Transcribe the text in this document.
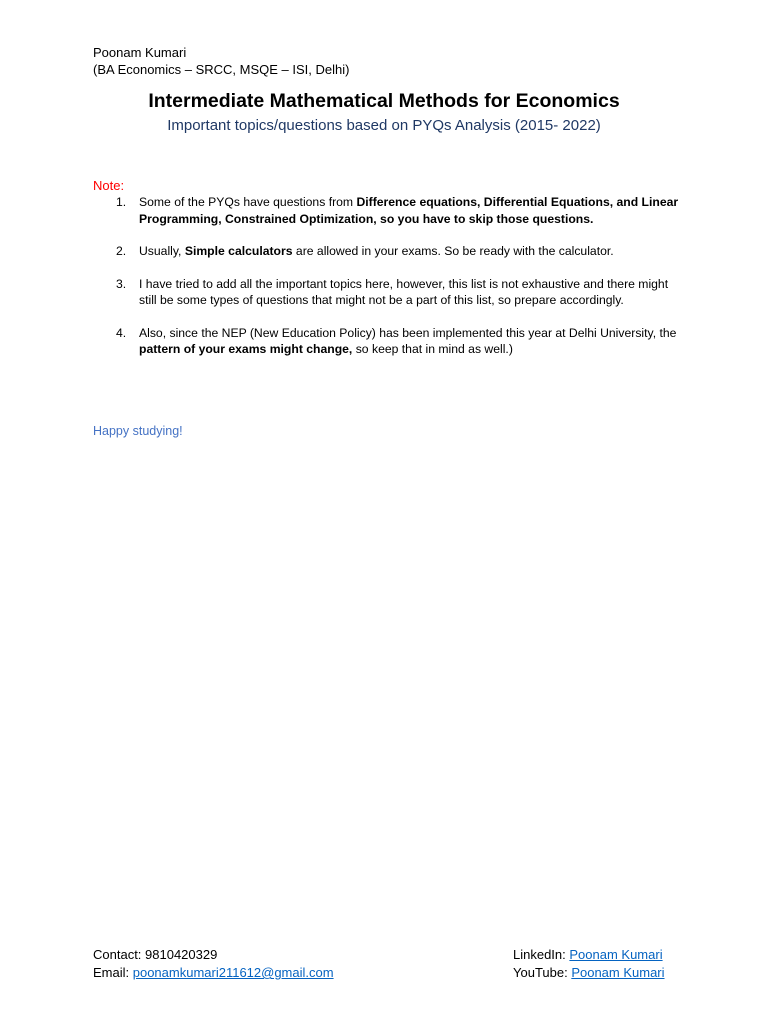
Poonam Kumari
(BA Economics – SRCC, MSQE – ISI, Delhi)
Intermediate Mathematical Methods for Economics
Important topics/questions based on PYQs Analysis (2015- 2022)
Note:
1. Some of the PYQs have questions from Difference equations, Differential Equations, and Linear Programming, Constrained Optimization, so you have to skip those questions.
2. Usually, Simple calculators are allowed in your exams. So be ready with the calculator.
3. I have tried to add all the important topics here, however, this list is not exhaustive and there might still be some types of questions that might not be a part of this list, so prepare accordingly.
4. Also, since the NEP (New Education Policy) has been implemented this year at Delhi University, the pattern of your exams might change, so keep that in mind as well.)
Happy studying!
Contact: 9810420329
Email: poonamkumari211612@gmail.com
LinkedIn: Poonam Kumari
YouTube: Poonam Kumari
